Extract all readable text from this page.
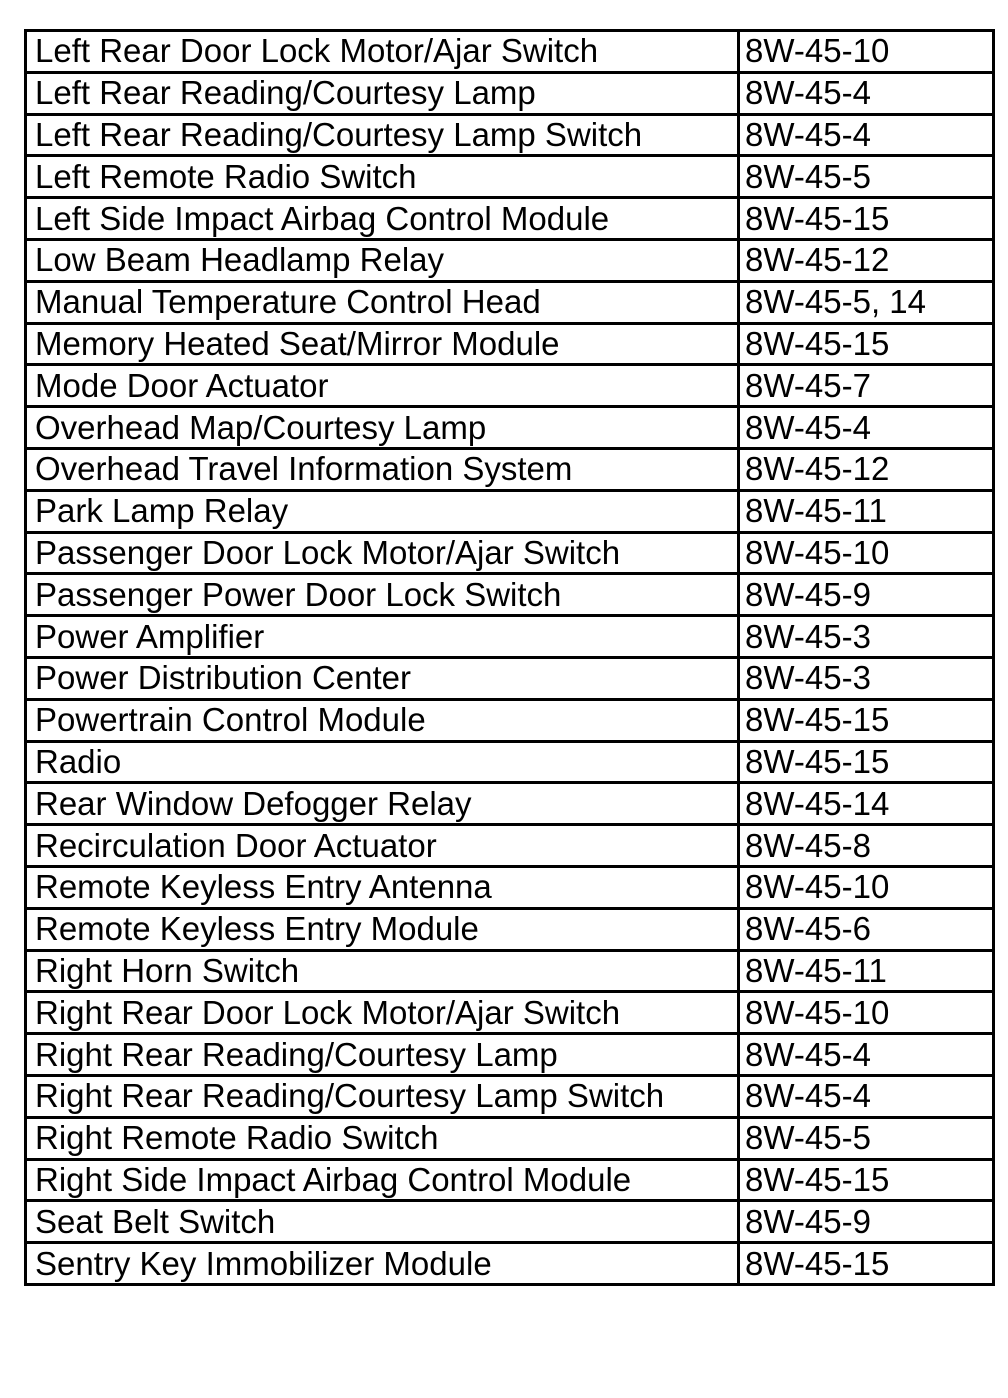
Left Rear Door Lock Motor/Ajar Switch	8W-45-10
Left Rear Reading/Courtesy Lamp	8W-45-4
Left Rear Reading/Courtesy Lamp Switch	8W-45-4
Left Remote Radio Switch	8W-45-5
Left Side Impact Airbag Control Module	8W-45-15
Low Beam Headlamp Relay	8W-45-12
Manual Temperature Control Head	8W-45-5, 14
Memory Heated Seat/Mirror Module	8W-45-15
Mode Door Actuator	8W-45-7
Overhead Map/Courtesy Lamp	8W-45-4
Overhead Travel Information System	8W-45-12
Park Lamp Relay	8W-45-11
Passenger Door Lock Motor/Ajar Switch	8W-45-10
Passenger Power Door Lock Switch	8W-45-9
Power Amplifier	8W-45-3
Power Distribution Center	8W-45-3
Powertrain Control Module	8W-45-15
Radio	8W-45-15
Rear Window Defogger Relay	8W-45-14
Recirculation Door Actuator	8W-45-8
Remote Keyless Entry Antenna	8W-45-10
Remote Keyless Entry Module	8W-45-6
Right Horn Switch	8W-45-11
Right Rear Door Lock Motor/Ajar Switch	8W-45-10
Right Rear Reading/Courtesy Lamp	8W-45-4
Right Rear Reading/Courtesy Lamp Switch	8W-45-4
Right Remote Radio Switch	8W-45-5
Right Side Impact Airbag Control Module	8W-45-15
Seat Belt Switch	8W-45-9
Sentry Key Immobilizer Module	8W-45-15
